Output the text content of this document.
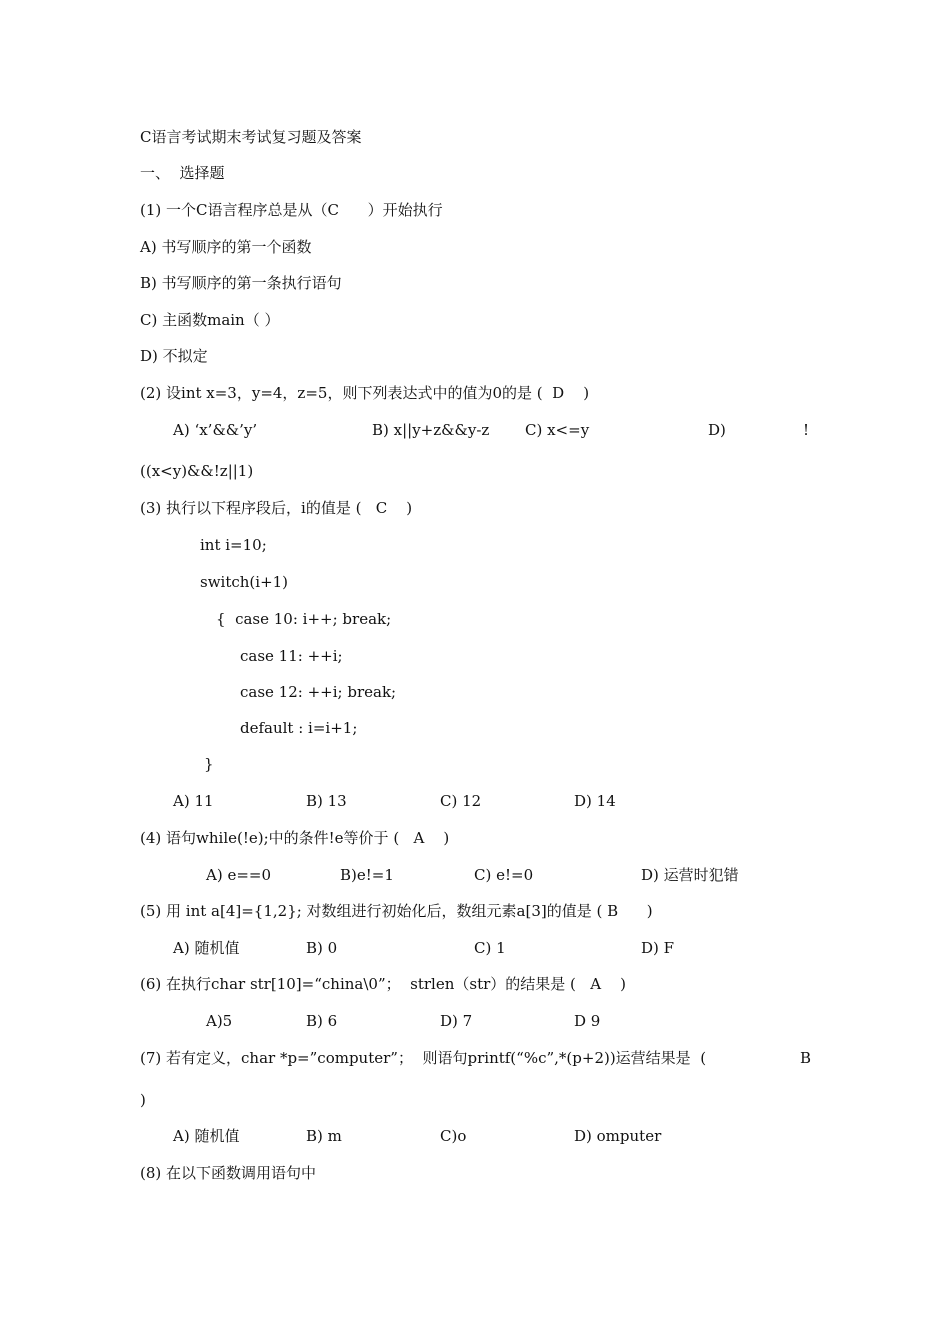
C语言考试期末考试复习题及答案
一、  选择题
(1) 一个C语言程序总是从（C      ）开始执行
A) 书写顺序的第一个函数
B) 书写顺序的第一条执行语句
C) 主函数main（ ）
D) 不拟定
(2) 设int x=3，y=4，z=5，则下列表达式中的值为0的是 (  D    )
A) ‘x’&&’y’	B) x||y+z&&y-z C) x<=y	D)	!
((x<y)&&!z||1)
(3) 执行以下程序段后，i的值是 (   C    )
int i=10;
switch(i+1)
{  case 10: i++; break;
case 11: ++i;
case 12: ++i; break;
default : i=i+1;
}
A) 11	B) 13	C) 12	D) 14
(4) 语句while(!e);中的条件!e等价于 (   A    )
A) e==0	B)e!=1	C) e!=0	D) 运营时犯错
(5) 用 int a[4]={1,2}; 对数组进行初始化后，数组元素a[3]的值是 ( B      )
A) 随机值	B) 0	C) 1	D) F
(6) 在执行char str[10]=“china\0”；  strlen（str）的结果是 (   A    )
A)5	B) 6	D) 7	D 9
(7) 若有定义，char *p=”computer”；  则语句printf(“%c”,*(p+2))运营结果是  (	B
)
A) 随机值	B) m	C)o	D) omputer
(8) 在以下函数调用语句中
